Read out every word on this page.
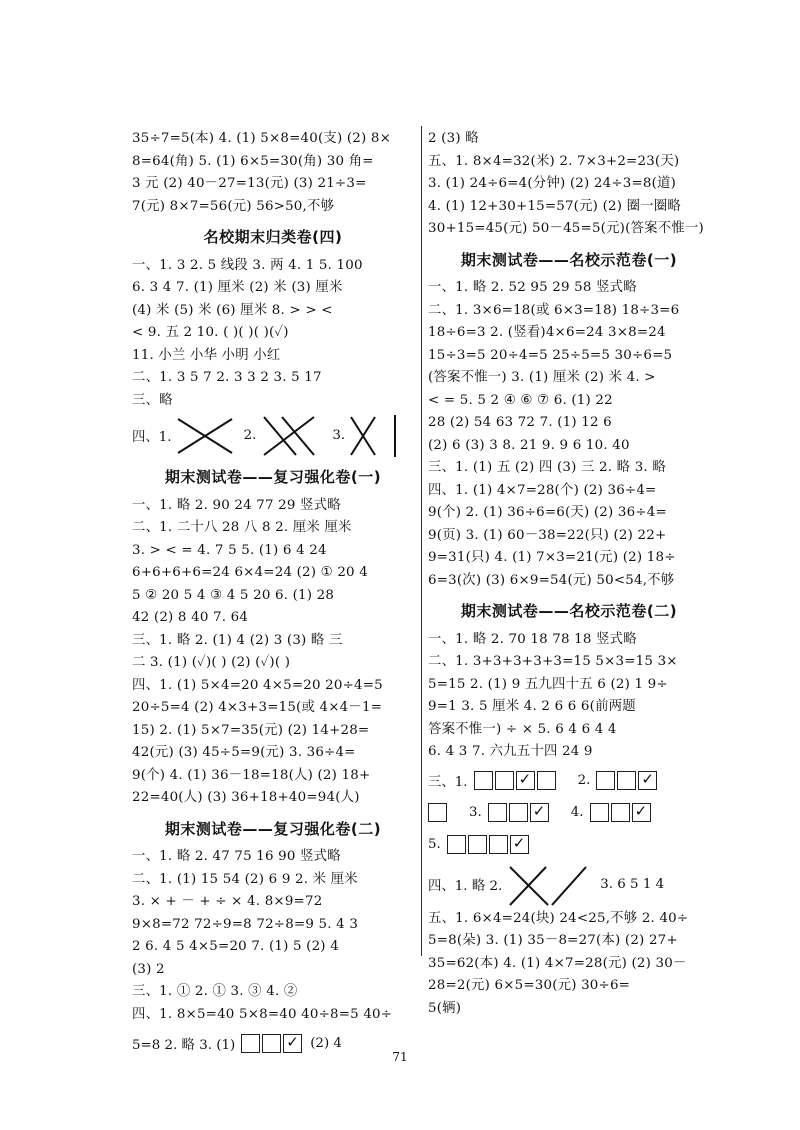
35÷7=5(本) 4. (1) 5×8=40(支) (2) 8×
8=64(角) 5. (1) 6×5=30(角) 30 角=
3 元 (2) 40－27=13(元) (3) 21÷3=
7(元) 8×7=56(元) 56>50,不够
名校期末归类卷(四)
一、1. 3 2. 5 线段 3. 两 4. 1 5. 100
6. 3 4 7. (1) 厘米 (2) 米 (3) 厘米
(4) 米 (5) 米 (6) 厘米 8. > > <
< 9. 五 2 10. ( )( )( )(✓)
11. 小兰 小华 小明 小红
二、1. 3 5 7 2. 3 3 2 3. 5 17
三、略
四、1.	2.	3.
期末测试卷——复习强化卷(一)
一、1. 略 2. 90 24 77 29 竖式略
二、1. 二十八 28 八 8 2. 厘米 厘米
3. > < = 4. 7 5 5. (1) 6 4 24
6+6+6+6=24 6×4=24 (2) ① 20 4
5 ② 20 5 4 ③ 4 5 20 6. (1) 28
42 (2) 8 40 7. 64
三、1. 略 2. (1) 4 (2) 3 (3) 略 三
二 3. (1) (✓)( ) (2) (✓)( )
四、1. (1) 5×4=20 4×5=20 20÷4=5
20÷5=4 (2) 4×3+3=15(或 4×4－1=
15) 2. (1) 5×7=35(元) (2) 14+28=
42(元) (3) 45÷5=9(元) 3. 36÷4=
9(个) 4. (1) 36－18=18(人) (2) 18+
22=40(人) (3) 36+18+40=94(人)
期末测试卷——复习强化卷(二)
一、1. 略 2. 47 75 16 90 竖式略
二、1. (1) 15 54 (2) 6 9 2. 米 厘米
3. × + － + ÷ × 4. 8×9=72
9×8=72 72÷9=8 72÷8=9 5. 4 3
2 6. 4 5 4×5=20 7. (1) 5 (2) 4
(3) 2
三、1. ① 2. ① 3. ③ 4. ②
四、1. 8×5=40 5×8=40 40÷8=5 40÷
5=8 2. 略 3. (1) ✓	(2) 4
2 (3) 略
五、1. 8×4=32(米) 2. 7×3+2=23(天)
3. (1) 24÷6=4(分钟) (2) 24÷3=8(道)
4. (1) 12+30+15=57(元) (2) 圈一圈略
30+15=45(元) 50－45=5(元)(答案不惟一)
期末测试卷——名校示范卷(一)
一、1. 略 2. 52 95 29 58 竖式略
二、1. 3×6=18(或 6×3=18) 18÷3=6
18÷6=3 2. (竖看)4×6=24 3×8=24
15÷3=5 20÷4=5 25÷5=5 30÷6=5
(答案不惟一) 3. (1) 厘米 (2) 米 4. >
< = 5. 5 2 ④ ⑥ ⑦ 6. (1) 22
28 (2) 54 63 72 7. (1) 12 6
(2) 6 (3) 3 8. 21 9. 9 6 10. 40
三、1. (1) 五 (2) 四 (3) 三 2. 略 3. 略
四、1. (1) 4×7=28(个) (2) 36÷4=
9(个) 2. (1) 36÷6=6(天) (2) 36÷4=
9(页) 3. (1) 60－38=22(只) (2) 22+
9=31(只) 4. (1) 7×3=21(元) (2) 18÷
6=3(次) (3) 6×9=54(元) 50<54,不够
期末测试卷——名校示范卷(二)
一、1. 略 2. 70 18 78 18 竖式略
二、1. 3+3+3+3+3=15 5×3=15 3×
5=15 2. (1) 9 五九四十五 6 (2) 1 9÷
9=1 3. 5 厘米 4. 2 6 6 6(前两题
答案不惟一) ÷ × 5. 6 4 6 4 4
6. 4 3 7. 六九五十四 24 9
三、1. ✓	2.
✓
3. ✓	4.
✓
5.
✓
四、1. 略 2.	3. 6 5 1 4
五、1. 6×4=24(块) 24<25,不够 2. 40÷
5=8(朵) 3. (1) 35－8=27(本) (2) 27+
35=62(本) 4. (1) 4×7=28(元) (2) 30－
28=2(元) 6×5=30(元) 30÷6=
5(辆)
71
